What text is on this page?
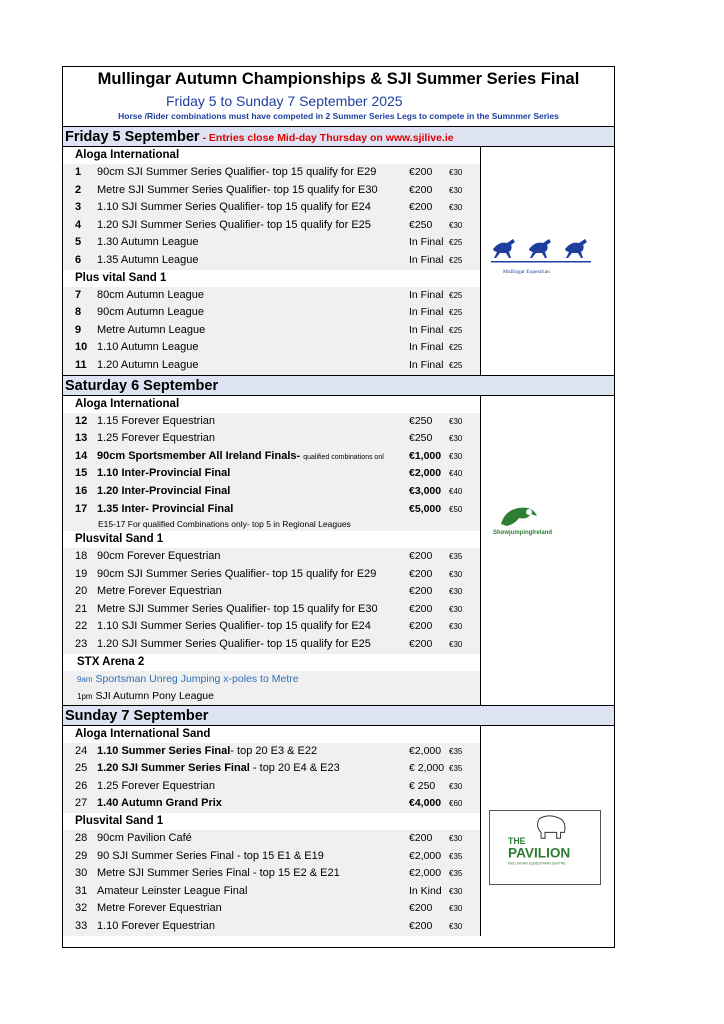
Mullingar Autumn Championships & SJI Summer Series Final
Friday 5 to Sunday 7 September 2025
Horse /Rider combinations must have competed in 2 Summer Series Legs to compete in the Sumnmer Series
Friday 5 September - Entries close Mid-day Thursday on www.sjilive.ie
Aloga International
1	90cm SJI Summer Series Qualifier- top 15 qualify for E29	€200	€30
2	Metre SJI Summer Series Qualifier- top 15 qualify for E30	€200	€30
3	1.10 SJI Summer Series Qualifier- top 15 qualify for E24	€200	€30
4	1.20 SJI Summer Series Qualifier- top 15 qualify for E25	€250	€30
5	1.30 Autumn League	In Final €25
6	1.35 Autumn League	In Final €25
Plus vital Sand 1
7	80cm Autumn League	In Final €25
8	90cm Autumn League	In Final €25
9	Metre Autumn League	In Final €25
10 1.10 Autumn League	In Final €25
11 1.20 Autumn League	In Final €25
Mullingar Equestrian
Saturday 6 September
Aloga International
12 1.15 Forever Equestrian	€250	€30
13 1.25 Forever Equestrian	€250	€30
14 90cm Sportsmember All Ireland Finals- qualified combinations onl	€1,000 €30
15 1.10 Inter-Provincial Final	€2,000 €40
16 1.20 Inter-Provincial Final	€3,000 €40
17 1.35 Inter- Provincial Final	€5,000 €50
E15-17 For qualified Combinations only- top 5 in Regional Leagues
Plusvital Sand 1
18 90cm Forever Equestrian	€200	€35
19 90cm SJI Summer Series Qualifier- top 15 qualify for E29	€200	€30
20 Metre Forever Equestrian	€200	€30
21 Metre SJI Summer Series Qualifier- top 15 qualify for E30	€200	€30
22 1.10 SJI Summer Series Qualifier- top 15 qualify for E24	€200	€30
23 1.20 SJI Summer Series Qualifier- top 15 qualify for E25	€200	€30
STX Arena 2
9am Sportsman Unreg Jumping x-poles to Metre
1pm SJI Autumn Pony League
ShowjumpingIreland
Sunday 7 September
Aloga International Sand
24 1.10 Summer Series Final- top 20 E3 & E22	€2,000 €35
25 1.20 SJI Summer Series Final - top 20 E4 & E23	€ 2,000 €35
26 1.25 Forever Equestrian	€ 250	€30
27 1.40 Autumn Grand Prix	€4,000 €60
Plusvital Sand 1
28 90cm Pavilion Café	€200	€30
29 90 SJI Summer Series Final - top 15 E1 & E19	€2,000 €35
30 Metre SJI Summer Series Final - top 15 E2 & E21	€2,000 €35
31 Amateur Leinster League Final	In Kind €30
32 Metre Forever Equestrian	€200	€30
33 1.10 Forever Equestrian	€200	€30
THE
PAVILION
MULLINGAR EQUESTRIAN CENTRE
